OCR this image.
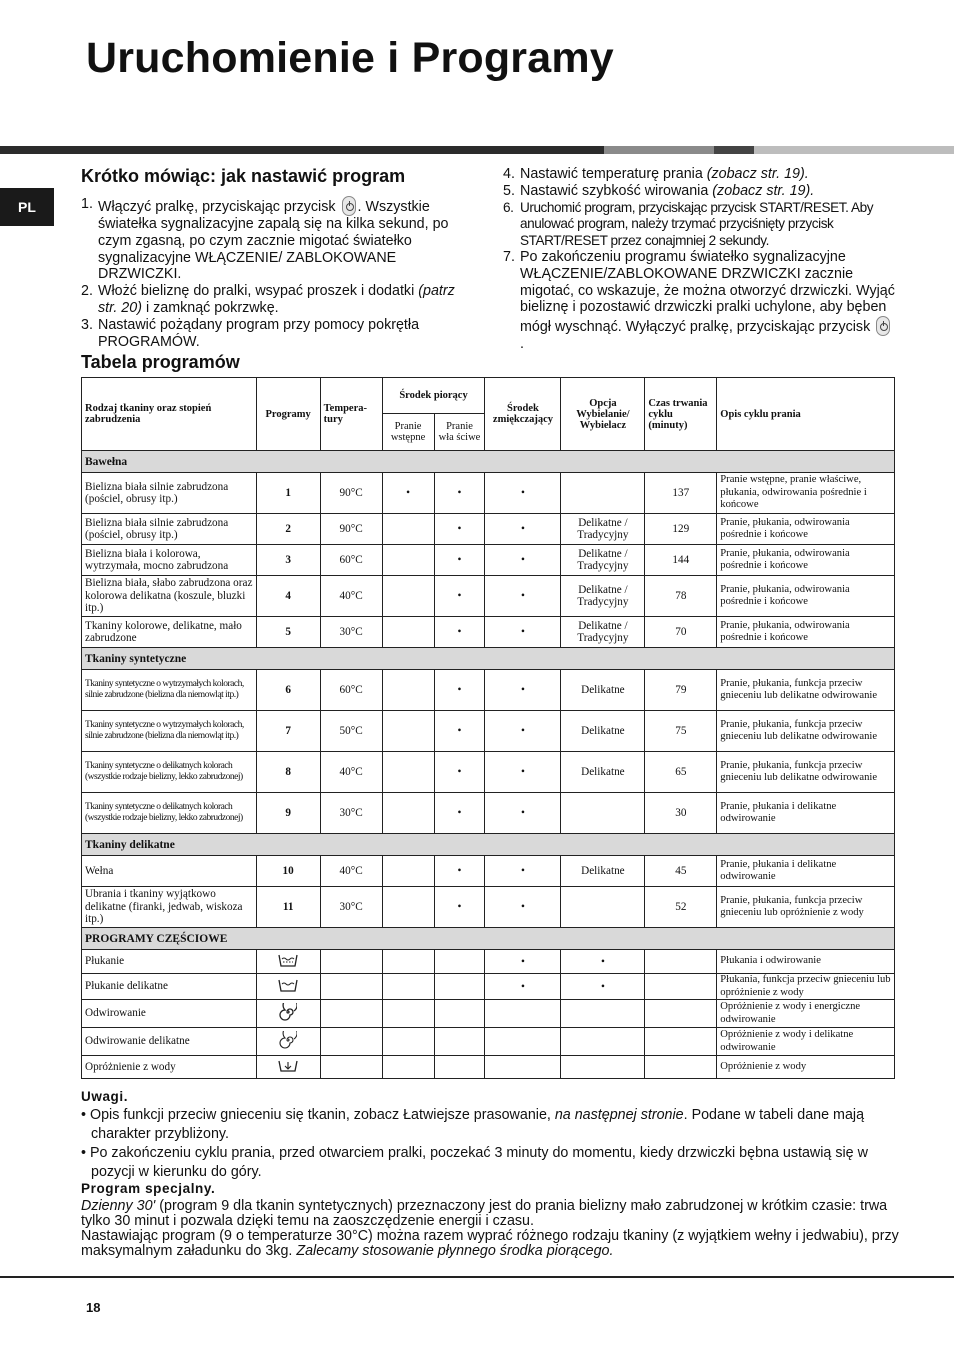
Uruchomienie i Programy
PL
Krótko mówiąc: jak nastawić program
1. Włączyć pralkę, przyciskając przycisk . Wszystkie światełka sygnalizacyjne zapalą się na kilka sekund, po czym zgasną, po czym zacznie migotać światełko sygnalizacyjne WŁĄCZENIE/ ZABLOKOWANE DRZWICZKI.
2. Włożć bieliznę do pralki, wsypać proszek i dodatki (patrz str. 20) i zamknąć pokrzwkę.
3. Nastawić pożądany program przy pomocy pokrętła PROGRAMÓW.
4. Nastawić temperaturę prania (zobacz str. 19).
5. Nastawić szybkość wirowania (zobacz str. 19).
6. Uruchomić program, przyciskając przycisk START/RESET. Aby anulować program, należy trzymać przyciśnięty przycisk START/RESET przez conajmniej 2 sekundy.
7. Po zakończeniu programu światełko sygnalizacyjne WŁĄCZENIE/ZABLOKOWANE DRZWICZKI zacznie migotać, co wskazuje, że można otworzyć drzwiczki. Wyjąć bieliznę i pozostawić drzwiczki pralki uchylone, aby bęben mógł wyschnąć. Wyłączyć pralkę, przyciskając przycisk .
Tabela programów
Rodzaj tkaniny oraz stopień zabrudzenia	Programy	Tempera-tury	Środek piorący		Środek zmiękczający	Opcja Wybielanie/ Wybielacz	Czas trwania cyklu (minuty)	Opis cyklu prania
			Pranie wstępne	Pranie wła ściwe				
Bawełna								
Bielizna biała silnie zabrudzona (pościel, obrusy itp.)	1	90°C	•	•	•		137	Pranie wstępne, pranie właściwe, płukania, odwirowania pośrednie i końcowe
Bielizna biała silnie zabrudzona (pościel, obrusy itp.)	2	90°C		•	•	Delikatne / Tradycyjny	129	Pranie, płukania, odwirowania pośrednie i końcowe
Bielizna biała i kolorowa, wytrzymała, mocno zabrudzona	3	60°C		•	•	Delikatne / Tradycyjny	144	Pranie, płukania, odwirowania pośrednie i końcowe
Bielizna biała, słabo zabrudzona oraz kolorowa delikatna (koszule, bluzki itp.)	4	40°C		•	•	Delikatne / Tradycyjny	78	Pranie, płukania, odwirowania pośrednie i końcowe
Tkaniny kolorowe, delikatne, mało zabrudzone	5	30°C		•	•	Delikatne / Tradycyjny	70	Pranie, płukania, odwirowania pośrednie i końcowe
Tkaniny syntetyczne								
Tkaniny syntetyczne o wytrzymałych kolorach, silnie zabrudzone (bielizna dla niemowląt itp.)	6	60°C		•	•	Delikatne	79	Pranie, płukania, funkcja przeciw gnieceniu lub delikatne odwirowanie
Tkaniny syntetyczne o wytrzymałych kolorach, silnie zabrudzone (bielizna dla niemowląt itp.)	7	50°C		•	•	Delikatne	75	Pranie, płukania, funkcja przeciw gnieceniu lub delikatne odwirowanie
Tkaniny syntetyczne o delikatnych kolorach (wszystkie rodzaje bielizny, lekko zabrudzonej)	8	40°C		•	•	Delikatne	65	Pranie, płukania, funkcja przeciw gnieceniu lub delikatne odwirowanie
Tkaniny syntetyczne o delikatnych kolorach (wszystkie rodzaje bielizny, lekko zabrudzonej)	9	30°C		•	•		30	Pranie, płukania i delikatne odwirowanie
Tkaniny delikatne								
Wełna	10	40°C		•	•	Delikatne	45	Pranie, płukania i delikatne odwirowanie
Ubrania i tkaniny wyjątkowo delikatne (firanki, jedwab, wiskoza itp.)	11	30°C		•	•		52	Pranie, płukania, funkcja przeciw gnieceniu lub opróżnienie z wody
PROGRAMY CZĘŚCIOWE								
Płukanie					•	•		Płukania i odwirowanie
Płukanie delikatne					•	•		Płukania, funkcja przeciw gnieceniu lub opróżnienie z wody
Odwirowanie								Opróżnienie z wody i energiczne odwirowanie
Odwirowanie delikatne								Opróżnienie z wody i delikatne odwirowanie
Opróżnienie z wody								Opróżnienie z wody
Uwagi.

• Opis funkcji przeciw gnieceniu się tkanin, zobacz Łatwiejsze prasowanie, na następnej stronie. Podane w tabeli dane mają charakter przybliżony.

• Po zakończeniu cyklu prania, przed otwarciem pralki, poczekać 3 minuty do momentu, kiedy drzwiczki bębna ustawią się w pozycji w kierunku do góry.

Program specjalny.

Dzienny 30' (program 9 dla tkanin syntetycznych) przeznaczony jest do prania bielizny mało zabrudzonej w krótkim czasie: trwa tylko 30 minut i pozwala dzięki temu na zaoszczędzenie energii i czasu.

Nastawiając program (9 o temperaturze 30°C) można razem wyprać różnego rodzaju tkaniny (z wyjątkiem wełny i jedwabiu), przy maksymalnym załadunku do 3kg. Zalecamy stosowanie płynnego środka piorącego.

18
